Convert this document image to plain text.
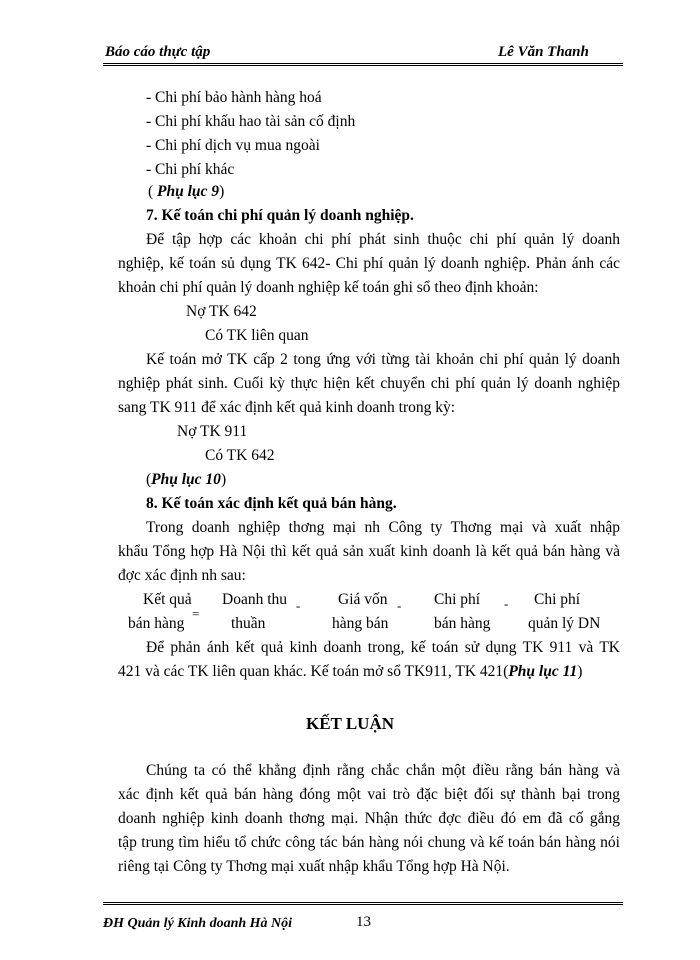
Báo cáo thực tập	Lê Văn Thanh
- Chi phí bảo hành hàng hoá
- Chi phí khấu hao tài sản cố định
- Chi phí dịch vụ mua ngoài
- Chi phí khác
( Phụ lục 9)
7. Kế toán chi phí quản lý doanh nghiệp.
Để tập hợp các khoản chi phí phát sinh thuộc chi phí quản lý doanh
nghiệp, kế toán sủ dụng TK 642- Chi phí quản lý doanh nghiệp. Phản ánh các
khoản chi phí quản lý doanh nghiệp kế toán ghi sổ theo định khoản:
Nợ TK 642
Có TK liên quan
Kế toán mở TK cấp 2 tong ứng với từng tài khoản chi phí quản lý doanh
nghiệp phát sinh. Cuối kỳ thực hiện kết chuyển chi phí quản lý doanh nghiệp
sang TK 911 để xác định kết quả kinh doanh trong kỳ:
Nợ TK 911
Có TK 642
(Phụ lục 10)
8. Kế toán xác định kết quả bán hàng.
Trong doanh nghiệp thơng mại nh Công ty Thơng mại và xuất nhập
khẩu Tổng hợp Hà Nội thì kết quả sản xuất kinh doanh là kết quả bán hàng và
đợc xác định nh sau:
Kết quả Doanh thu	Giá vốn	Chi phí	Chi phí
bán hàng
=
thuần
-
hàng bán
-
bán hàng
-
quản lý DN
Để phản ánh kết quả kinh doanh trong, kế toán sử dụng TK 911 và TK
421 và các TK liên quan khác. Kế toán mở sổ TK911, TK 421(Phụ lục 11)
KẾT LUẬN
Chúng ta có thể khẳng định rằng chắc chắn một điều rằng bán hàng và
xác định kết quả bán hàng đóng một vai trò đặc biệt đối sự thành bại trong
doanh nghiệp kinh doanh thơng mại. Nhận thức đợc điều đó em đã cố gắng
tập trung tìm hiểu tổ chức công tác bán hàng nói chung và kế toán bán hàng nói
riêng tại Công ty Thơng mại xuất nhập khẩu Tổng hợp Hà Nội.
ĐH Quản lý Kinh doanh Hà Nội	13
